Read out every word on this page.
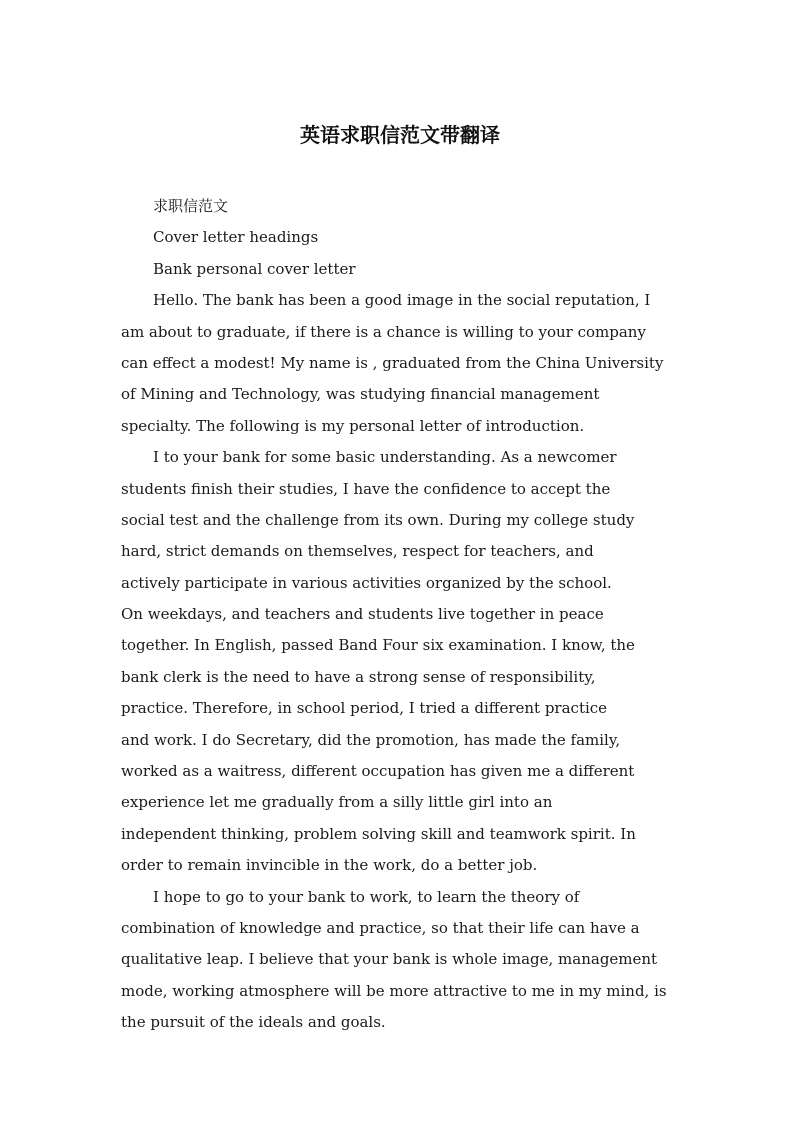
英语求职信范文带翻译
求职信范文
Cover letter headings
Bank personal cover letter
Hello. The bank has been a good image in the social reputation, I
am about to graduate, if there is a chance is willing to your company
can effect a modest! My name is , graduated from the China University
of Mining and Technology, was studying financial management
specialty. The following is my personal letter of introduction.
I to your bank for some basic understanding. As a newcomer
students finish their studies, I have the confidence to accept the
social test and the challenge from its own. During my college study
hard, strict demands on themselves, respect for teachers, and
actively participate in various activities organized by the school.
On weekdays, and teachers and students live together in peace
together. In English, passed Band Four six examination. I know, the
bank clerk is the need to have a strong sense of responsibility,
practice. Therefore, in school period, I tried a different practice
and work. I do Secretary, did the promotion, has made the family,
worked as a waitress, different occupation has given me a different
experience let me gradually from a silly little girl into an
independent thinking, problem solving skill and teamwork spirit. In
order to remain invincible in the work, do a better job.
I hope to go to your bank to work, to learn the theory of
combination of knowledge and practice, so that their life can have a
qualitative leap. I believe that your bank is whole image, management
mode, working atmosphere will be more attractive to me in my mind, is
the pursuit of the ideals and goals.
